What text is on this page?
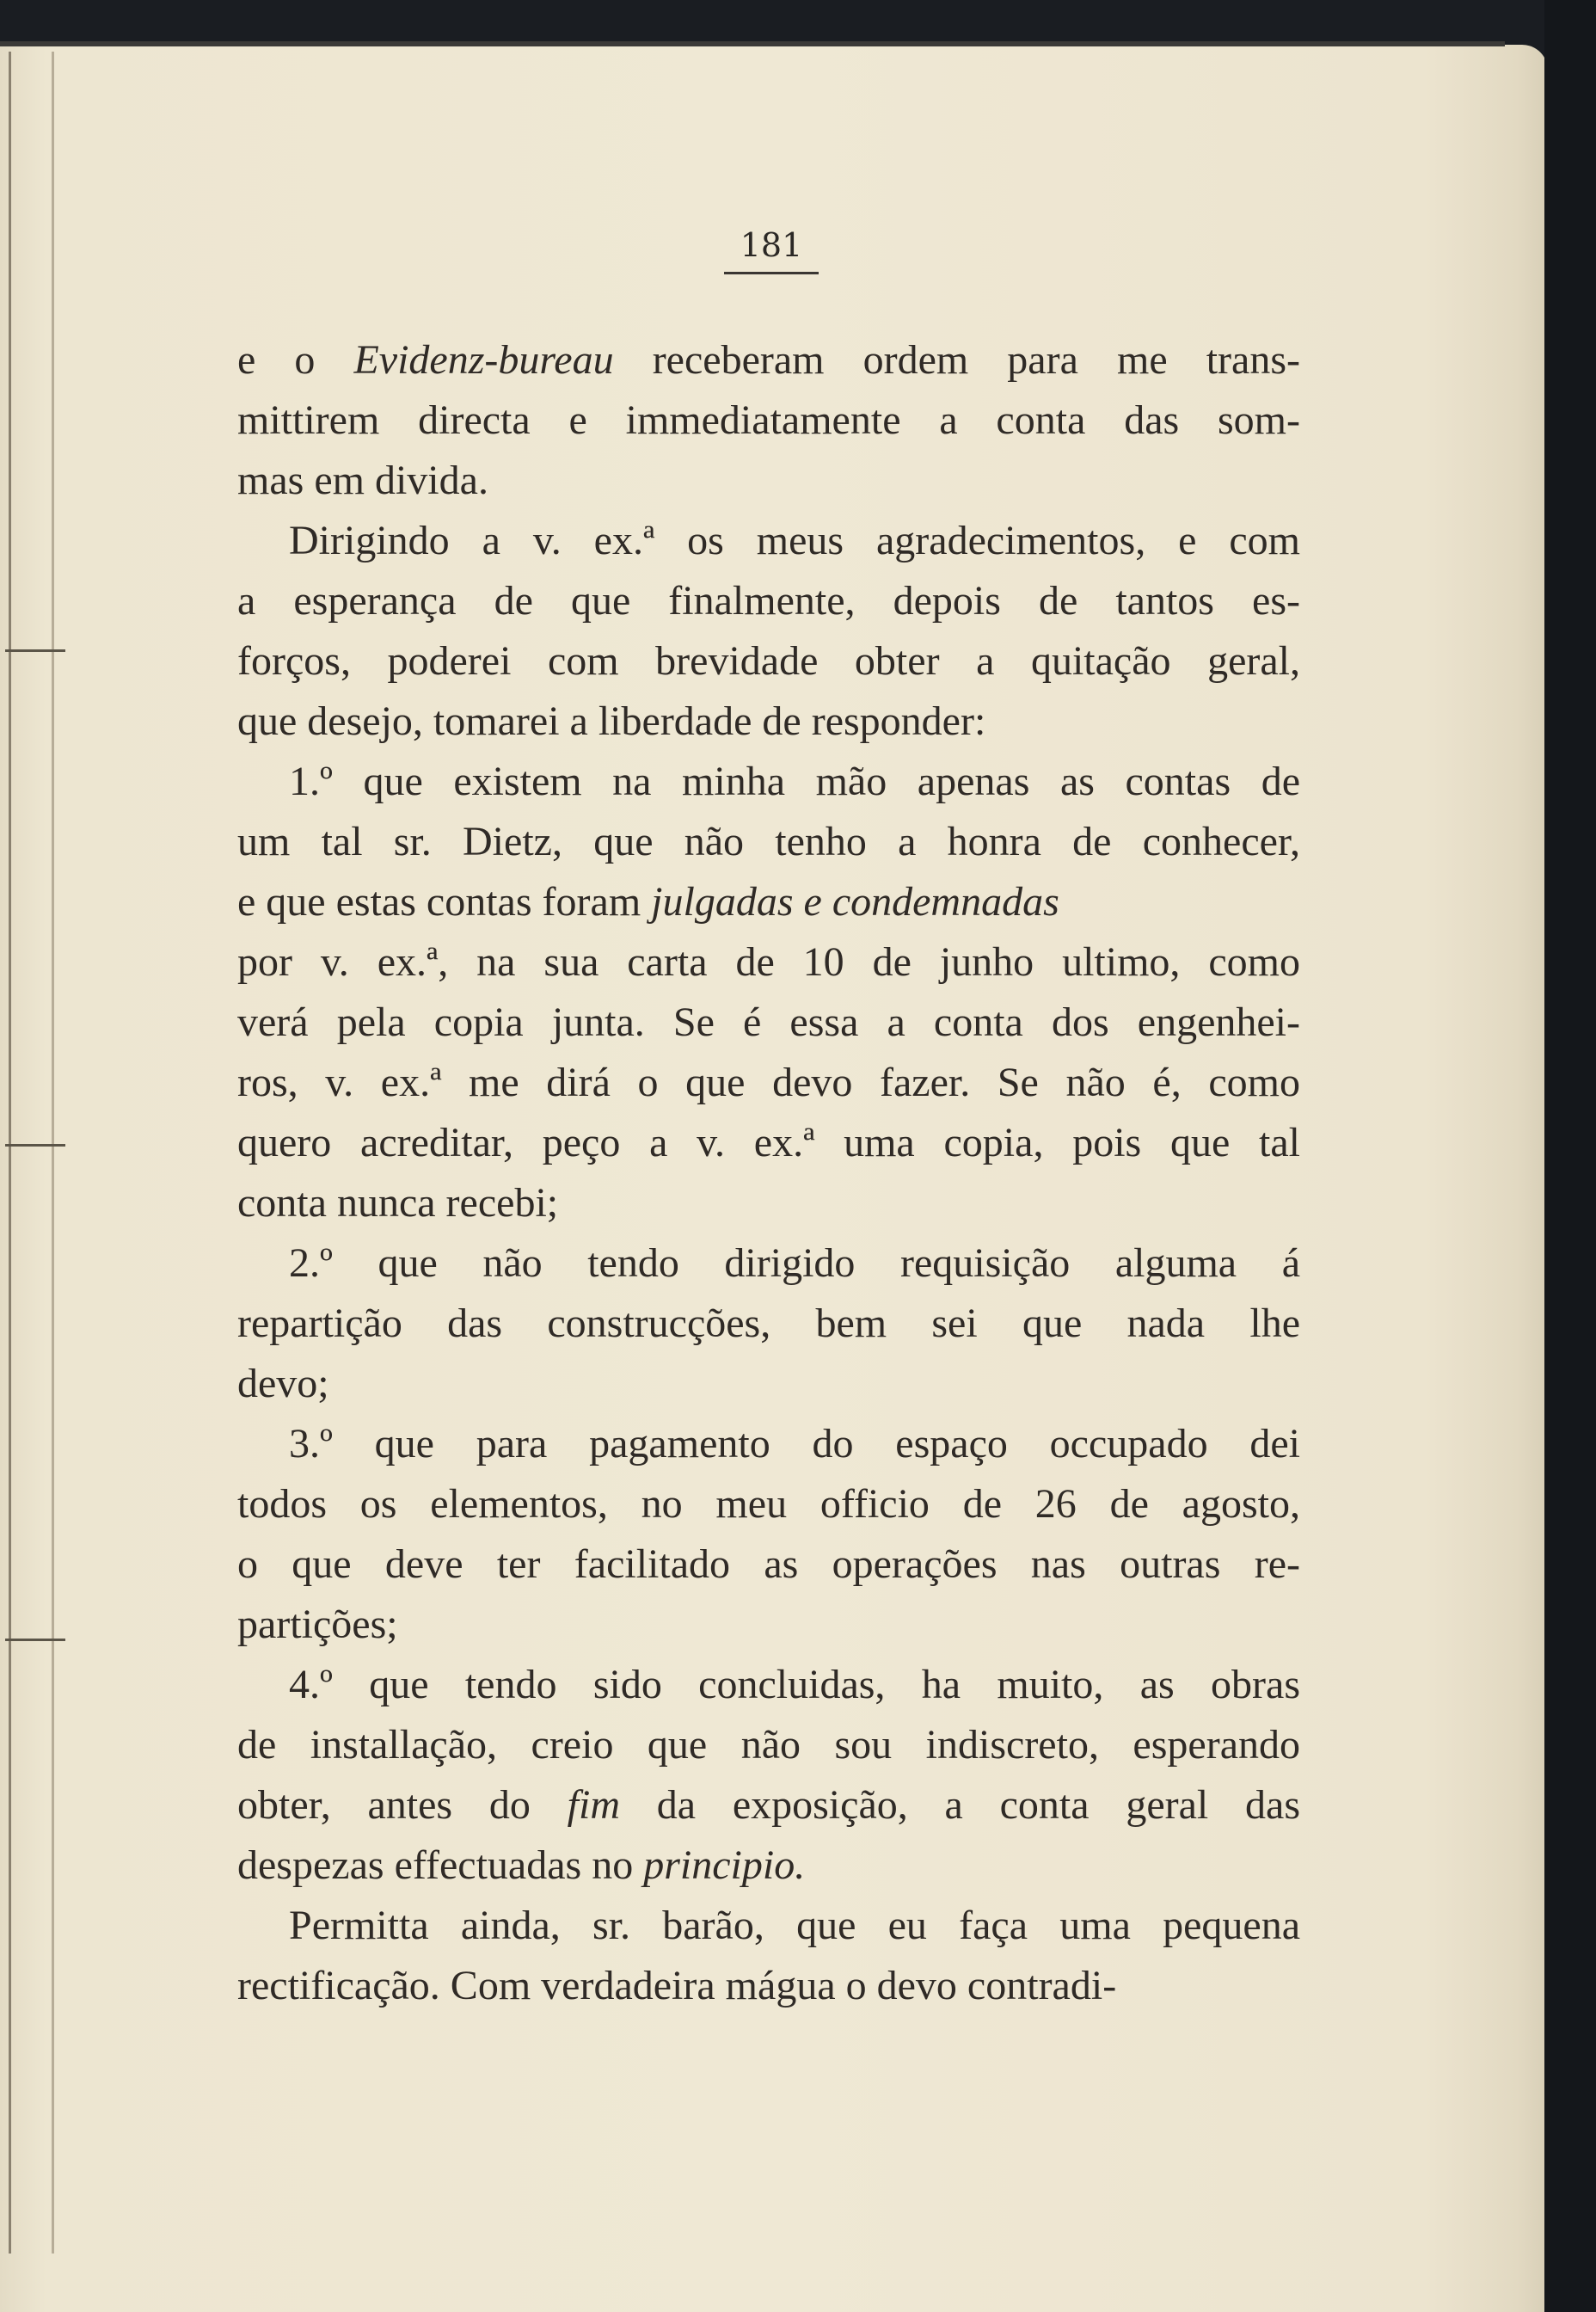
181
e o Evidenz-bureau receberam ordem para me trans-
mittirem directa e immediatamente a conta das som-
mas em divida.
Dirigindo a v. ex.ª os meus agradecimentos, e com
a esperança de que finalmente, depois de tantos es-
forços, poderei com brevidade obter a quitação geral,
que desejo, tomarei a liberdade de responder:
1.º que existem na minha mão apenas as contas de
um tal sr. Dietz, que não tenho a honra de conhecer,
e que estas contas foram julgadas e condemnadas
por v. ex.ª, na sua carta de 10 de junho ultimo, como
verá pela copia junta. Se é essa a conta dos engenhei-
ros, v. ex.ª me dirá o que devo fazer. Se não é, como
quero acreditar, peço a v. ex.ª uma copia, pois que tal
conta nunca recebi;
2.º que não tendo dirigido requisição alguma á
repartição das construcções, bem sei que nada lhe
devo;
3.º que para pagamento do espaço occupado dei
todos os elementos, no meu officio de 26 de agosto,
o que deve ter facilitado as operações nas outras re-
partições;
4.º que tendo sido concluidas, ha muito, as obras
de installação, creio que não sou indiscreto, esperando
obter, antes do fim da exposição, a conta geral das
despezas effectuadas no principio.
Permitta ainda, sr. barão, que eu faça uma pequena
rectificação. Com verdadeira mágua o devo contradi-
